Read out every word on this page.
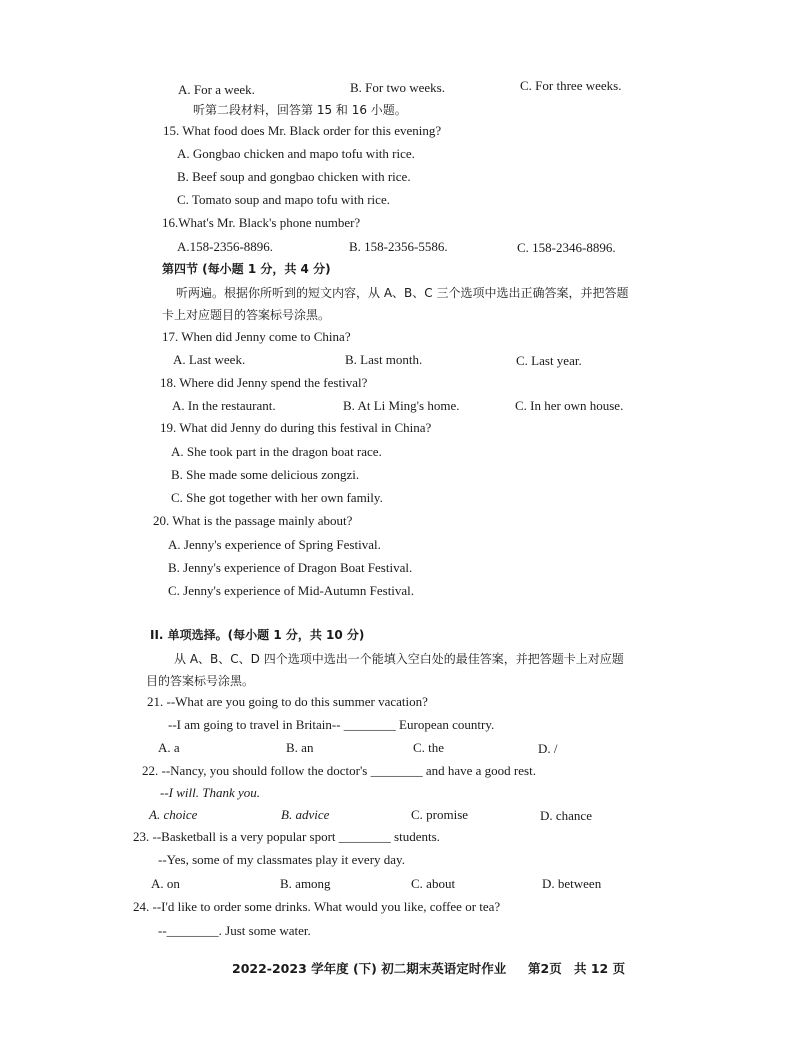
A. For a week.	B. For two weeks.	C. For three weeks.
听第二段材料，回答第 15 和 16 小题。
15. What food does Mr. Black order for this evening?
A. Gongbao chicken and mapo tofu with rice.
B. Beef soup and gongbao chicken with rice.
C. Tomato soup and mapo tofu with rice.
16.What's Mr. Black's phone number?
A.158-2356-8896.	B. 158-2356-5586.	C. 158-2346-8896.
第四节 (每小题 1 分，共 4 分)
听两遍。根据你所听到的短文内容，从 A、B、C 三个选项中选出正确答案，并把答题
卡上对应题目的答案标号涂黑。
17. When did Jenny come to China?
A. Last week.	B. Last month.	C. Last year.
18. Where did Jenny spend the festival?
A. In the restaurant.	B. At Li Ming's home.	C. In her own house.
19. What did Jenny do during this festival in China?
A. She took part in the dragon boat race.
B. She made some delicious zongzi.
C. She got together with her own family.
20. What is the passage mainly about?
A. Jenny's experience of Spring Festival.
B. Jenny's experience of Dragon Boat Festival.
C. Jenny's experience of Mid-Autumn Festival.
II. 单项选择。(每小题 1 分，共 10 分)
从 A、B、C、D 四个选项中选出一个能填入空白处的最佳答案，并把答题卡上对应题
目的答案标号涂黑。
21. --What are you going to do this summer vacation?
--I am going to travel in Britain-- ________ European country.
A. a	B. an	C. the	D. /
22. --Nancy, you should follow the doctor's ________ and have a good rest.
--I will. Thank you.
A. choice	B. advice	C. promise	D. chance
23. --Basketball is a very popular sport ________ students.
--Yes, some of my classmates play it every day.
A. on	B. among	C. about	D. between
24. --I'd like to order some drinks. What would you like, coffee or tea?
--________. Just some water.
2022-2023 学年度 (下) 初二期末英语定时作业 第2页 共 12 页
